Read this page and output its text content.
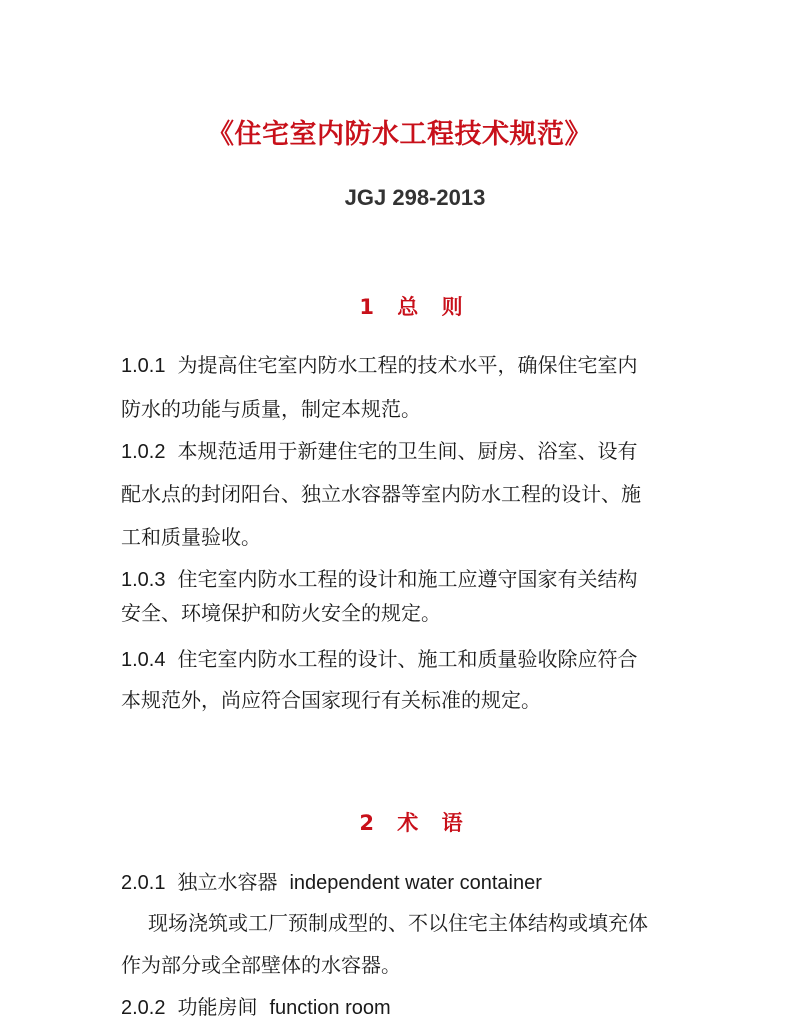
《住宅室内防水工程技术规范》
JGJ 298-2013
1 总 则
1.0.1 为提高住宅室内防水工程的技术水平，确保住宅室内
防水的功能与质量，制定本规范。
1.0.2 本规范适用于新建住宅的卫生间、厨房、浴室、设有
配水点的封闭阳台、独立水容器等室内防水工程的设计、施
工和质量验收。
1.0.3 住宅室内防水工程的设计和施工应遵守国家有关结构
安全、环境保护和防火安全的规定。
1.0.4 住宅室内防水工程的设计、施工和质量验收除应符合
本规范外，尚应符合国家现行有关标准的规定。
2 术 语
2.0.1 独立水容器 independent water container
现场浇筑或工厂预制成型的、不以住宅主体结构或填充体
作为部分或全部壁体的水容器。
2.0.2 功能房间 function room
